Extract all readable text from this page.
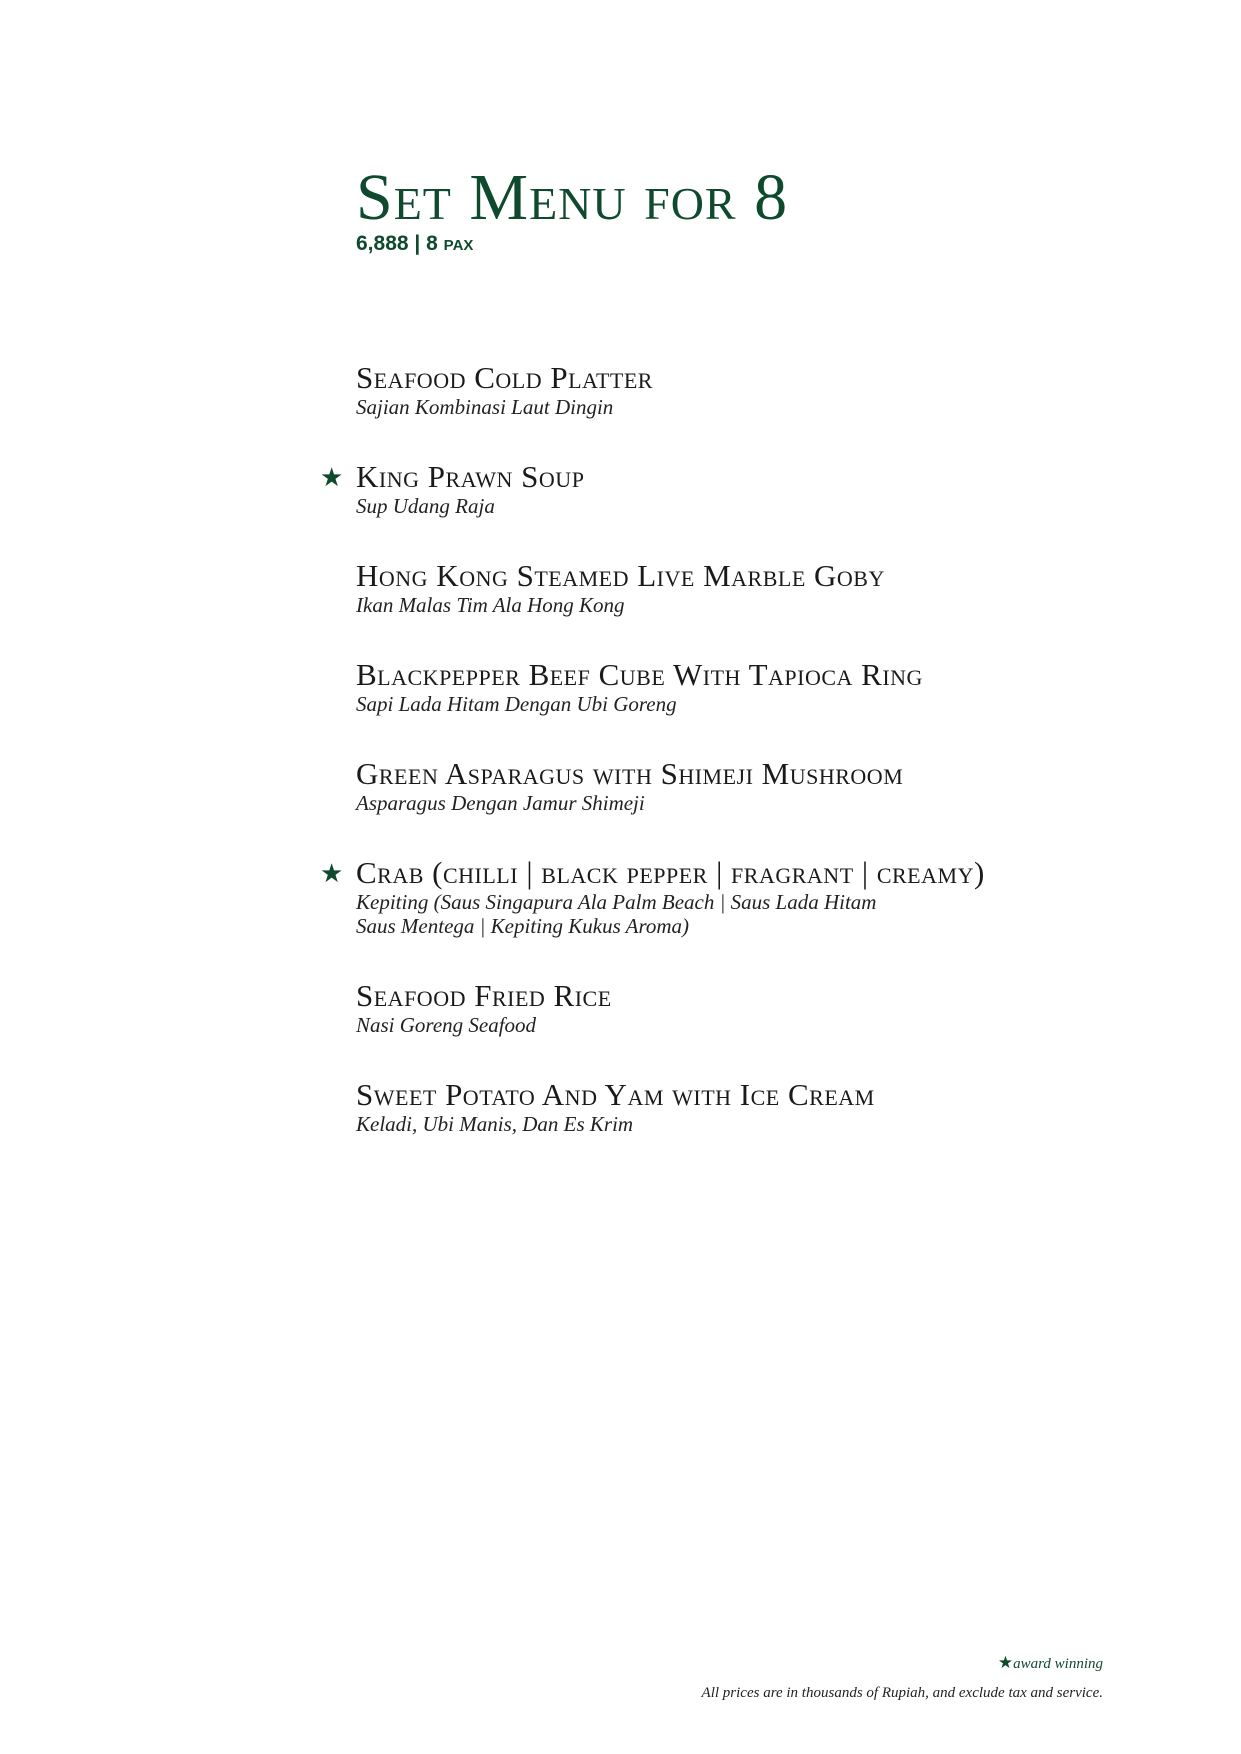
Set Menu for 8
6,888 | 8 PAX
Seafood Cold Platter
Sajian Kombinasi Laut Dingin
★ King Prawn Soup
Sup Udang Raja
Hong Kong Steamed Live Marble Goby
Ikan Malas Tim Ala Hong Kong
Blackpepper Beef Cube With Tapioca Ring
Sapi Lada Hitam Dengan Ubi Goreng
Green Asparagus with Shimeji Mushroom
Asparagus Dengan Jamur Shimeji
★ Crab (chilli | black pepper | fragrant | creamy)
Kepiting (Saus Singapura Ala Palm Beach | Saus Lada Hitam
Saus Mentega | Kepiting Kukus Aroma)
Seafood Fried Rice
Nasi Goreng Seafood
Sweet Potato And Yam with Ice Cream
Keladi, Ubi Manis, Dan Es Krim
★award winning
All prices are in thousands of Rupiah, and exclude tax and service.
